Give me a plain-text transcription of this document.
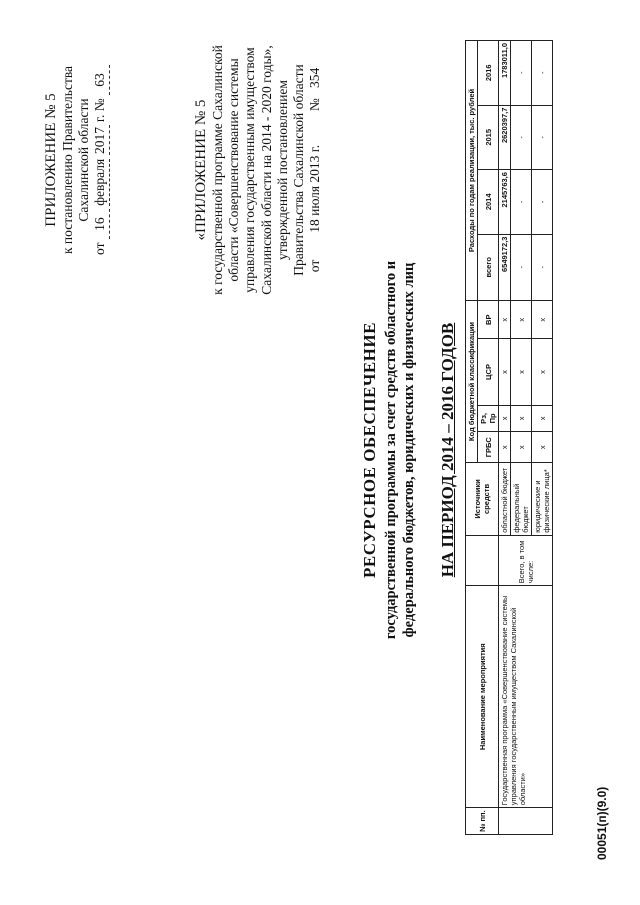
ПРИЛОЖЕНИЕ № 5 к постановлению Правительства Сахалинской области
от 16 февраля 2017 г. № 63
«ПРИЛОЖЕНИЕ № 5 к государственной программе Сахалинской области «Совершенствование системы управления государственным имуществом Сахалинской области на 2014 - 2020 годы», утвержденной постановлением Правительства Сахалинской области от        18 июля 2013 г.          №   354
РЕСУРСНОЕ ОБЕСПЕЧЕНИЕ государственной программы за счет средств областного и федерального бюджетов, юридических и физических лиц НА ПЕРИОД 2014 – 2016 ГОДОВ
№ пп.	Наименование мероприятия		Источники средств	Код бюджетной классификации				Расходы по годам реализации, тыс. рублей			
				ГРБС	Рз, Пр	ЦСР	ВР	всего	2014	2015	2016
	Государственная программа «Совершенствование системы управления государственным имуществом Сахалинской области»	Всего, в том числе:	областной бюджет	х	х	х	х	6549172,3	2145763,6	2620397,7	1783011,0
			федеральный бюджет	х	х	х	х	-	-	-	-
			юридические и физические лица*	х	х	х	х	-	-	-	-
00051(п)(9.0)
